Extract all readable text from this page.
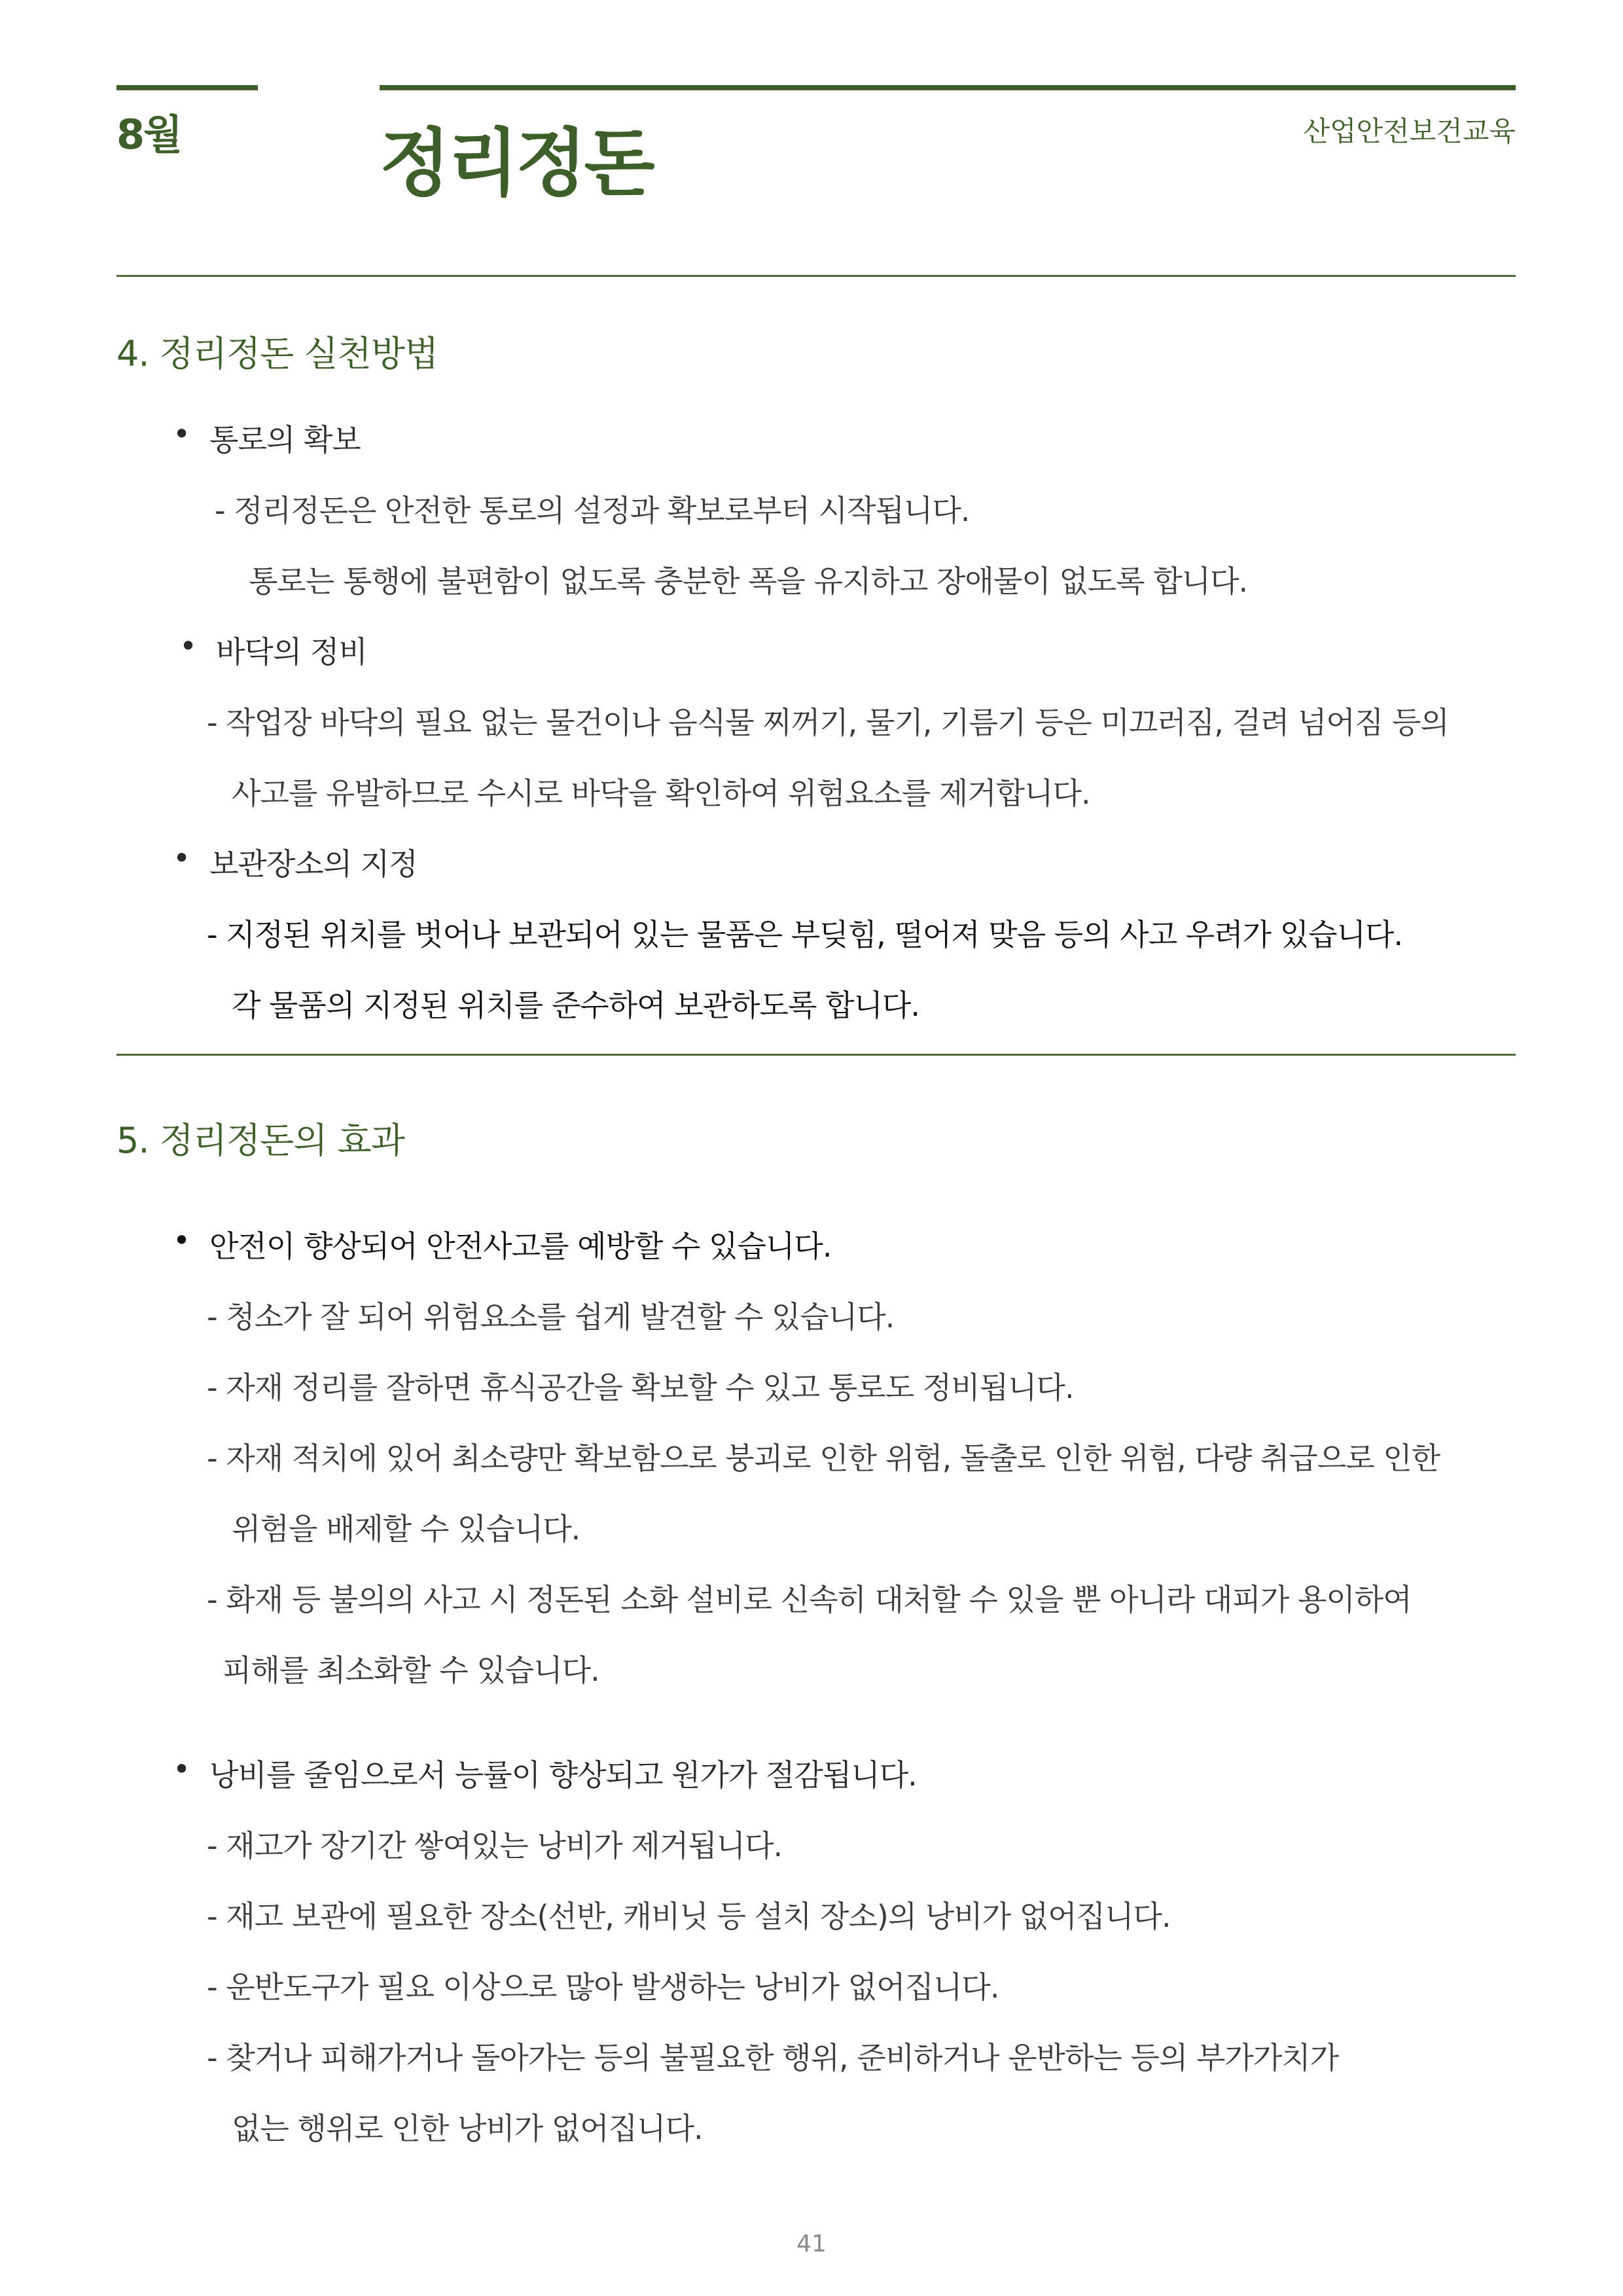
8월	정리정돈	산업안전보건교육
4. 정리정돈 실천방법
• 통로의 확보
- 정리정돈은 안전한 통로의 설정과 확보로부터 시작됩니다.
통로는 통행에 불편함이 없도록 충분한 폭을 유지하고 장애물이 없도록 합니다.
• 바닥의 정비
- 작업장 바닥의 필요 없는 물건이나 음식물 찌꺼기, 물기, 기름기 등은 미끄러짐, 걸려 넘어짐 등의
사고를 유발하므로 수시로 바닥을 확인하여 위험요소를 제거합니다.
• 보관장소의 지정
- 지정된 위치를 벗어나 보관되어 있는 물품은 부딪힘, 떨어져 맞음 등의 사고 우려가 있습니다.
각 물품의 지정된 위치를 준수하여 보관하도록 합니다.
5. 정리정돈의 효과
• 안전이 향상되어 안전사고를 예방할 수 있습니다.
- 청소가 잘 되어 위험요소를 쉽게 발견할 수 있습니다.
- 자재 정리를 잘하면 휴식공간을 확보할 수 있고 통로도 정비됩니다.
- 자재 적치에 있어 최소량만 확보함으로 붕괴로 인한 위험, 돌출로 인한 위험, 다량 취급으로 인한
위험을 배제할 수 있습니다.
- 화재 등 불의의 사고 시 정돈된 소화 설비로 신속히 대처할 수 있을 뿐 아니라 대피가 용이하여
피해를 최소화할 수 있습니다.
• 낭비를 줄임으로서 능률이 향상되고 원가가 절감됩니다.
- 재고가 장기간 쌓여있는 낭비가 제거됩니다.
- 재고 보관에 필요한 장소(선반, 캐비닛 등 설치 장소)의 낭비가 없어집니다.
- 운반도구가 필요 이상으로 많아 발생하는 낭비가 없어집니다.
- 찾거나 피해가거나 돌아가는 등의 불필요한 행위, 준비하거나 운반하는 등의 부가가치가
없는 행위로 인한 낭비가 없어집니다.
41
